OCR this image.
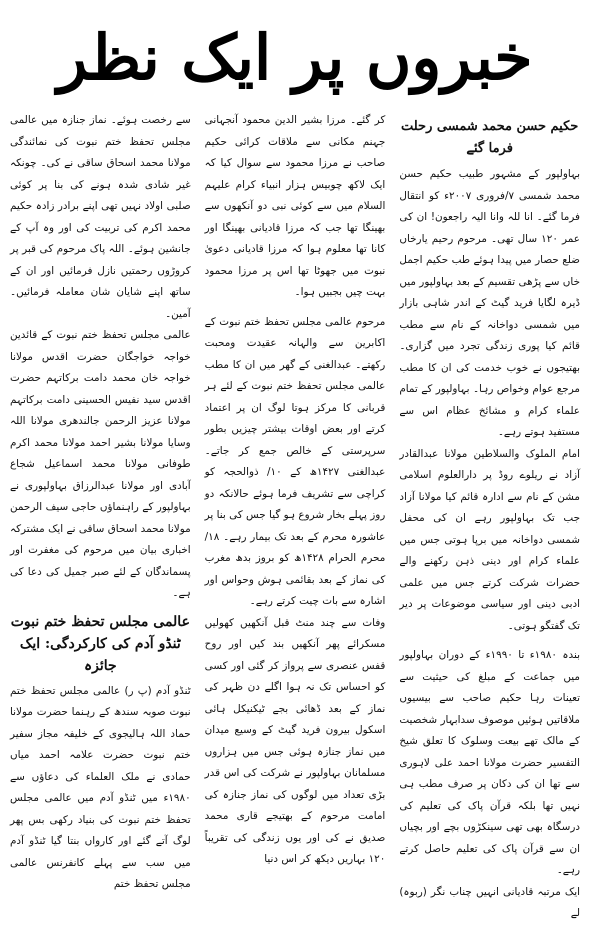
خبروں پر ایک نظر
حکیم حسن محمد شمسی رحلت فرما گئے

بہاولپور کے مشہور طبیب حکیم حسن محمد شمسی ۷/فروری ۲۰۰۷ء کو انتقال فرما گئے۔ انا للہ وانا الیہ راجعون! ان کی عمر ۱۲۰ سال تھی۔ مرحوم رحیم یارخاں ضلع حصار میں پیدا ہوئے طب حکیم اجمل خاں سے پڑھی تقسیم کے بعد بہاولپور میں ڈیرہ لگایا فرید گیٹ کے اندر شاہی بازار میں شمسی دواخانہ کے نام سے مطب قائم کیا پوری زندگی تجرد میں گزاری۔ بھتیجوں نے خوب خدمت کی ان کا مطب مرجع عوام وخواص رہا۔ بہاولپور کے تمام علماء کرام و مشائخ عظام اس سے مستفید ہوتے رہے۔

امام الملوک والسلاطین مولانا عبدالقادر آزاد نے ریلوے روڈ پر دارالعلوم اسلامی مشن کے نام سے ادارہ قائم کیا مولانا آزاد جب تک بہاولپور رہے ان کی محفل شمسی دواخانہ میں برپا ہوتی جس میں علماء کرام اور دینی ذہن رکھنے والے حضرات شرکت کرتے جس میں علمی ادبی دینی اور سیاسی موضوعات پر دیر تک گفتگو ہوتی۔

بندہ ۱۹۸۰ء تا ۱۹۹۰ء کے دوران بہاولپور میں جماعت کے مبلغ کی حیثیت سے تعینات رہا حکیم صاحب سے بیسیوں ملاقاتیں ہوئیں موصوف سدابہار شخصیت کے مالک تھے بیعت وسلوک کا تعلق شیخ التفسیر حضرت مولانا احمد علی لاہوری سے تھا ان کی دکان پر صرف مطب ہی نہیں تھا بلکہ قرآن پاک کی تعلیم کی درسگاہ بھی تھی سینکڑوں بچے اور بچیاں ان سے قرآن پاک کی تعلیم حاصل کرتے رہے۔

ایک مرتبہ قادیانی انہیں چناب نگر (ربوہ) لے

کر گئے۔ مرزا بشیر الدین محمود آنجہانی جہنم مکانی سے ملاقات کرائی حکیم صاحب نے مرزا محمود سے سوال کیا کہ ایک لاکھ چوبیس ہزار انبیاء کرام علیہم السلام میں سے کوئی نبی دو آنکھوں سے بھینگا تھا جب کہ مرزا قادیانی بھینگا اور کانا تھا معلوم ہوا کہ مرزا قادیانی دعویٰ نبوت میں جھوٹا تھا اس پر مرزا محمود بہت چیں بجبیں ہوا۔

مرحوم عالمی مجلس تحفظ ختم نبوت کے اکابرین سے والہانہ عقیدت ومحبت رکھتے۔ عبدالغنی کے گھر میں ان کا مطب عالمی مجلس تحفظ ختم نبوت کے لئے ہر قربانی کا مرکز ہوتا لوگ ان پر اعتماد کرتے اور بعض اوقات بیشتر چیزیں بطور سرپرستی کے خالص جمع کر جاتے۔ عبدالغنی ۱۴۲۷ھ کے ۱۰/ ذوالحجہ کو کراچی سے تشریف فرما ہوئے حالانکہ دو روز پہلے بخار شروع ہو گیا جس کی بنا پر عاشورہ محرم کے بعد تک بیمار رہے۔ ۱۸/ محرم الحرام ۱۴۲۸ھ کو بروز بدھ مغرب کی نماز کے بعد بقائمی ہوش وحواس اور اشارہ سے بات چیت کرتے رہے۔

وفات سے چند منٹ قبل آنکھیں کھولیں مسکرائے پھر آنکھیں بند کیں اور روح قفس عنصری سے پرواز کر گئی اور کسی کو احساس تک نہ ہوا اگلے دن ظہر کی نماز کے بعد ڈھائی بجے ٹیکنیکل ہائی اسکول بیرون فرید گیٹ کے وسیع میدان میں نماز جنازہ ہوئی جس میں ہزاروں مسلمانان بہاولپور نے شرکت کی اس قدر بڑی تعداد میں لوگوں کی نماز جنازہ کی امامت مرحوم کے بھتیجے قاری محمد صدیق نے کی اور یوں زندگی کی تقریباً ۱۲۰ بہاریں دیکھ کر اس دنیا

سے رخصت ہوئے۔ نماز جنازہ میں عالمی مجلس تحفظ ختم نبوت کی نمائندگی مولانا محمد اسحاق ساقی نے کی۔ چونکہ غیر شادی شدہ ہونے کی بنا پر کوئی صلبی اولاد نہیں تھی اپنے برادر زادہ حکیم محمد اکرم کی تربیت کی اور وہ آپ کے جانشین ہوئے۔ اللہ پاک مرحوم کی قبر پر کروڑوں رحمتیں نازل فرمائیں اور ان کے ساتھ اپنے شایان شان معاملہ فرمائیں۔ آمین۔

عالمی مجلس تحفظ ختم نبوت کے قائدین خواجہ خواجگان حضرت اقدس مولانا خواجہ خان محمد دامت برکاتہم حضرت اقدس سید نفیس الحسینی دامت برکاتہم مولانا عزیز الرحمن جالندھری مولانا اللہ وسایا مولانا بشیر احمد مولانا محمد اکرم طوفانی مولانا محمد اسماعیل شجاع آبادی اور مولانا عبدالرزاق بہاولپوری نے بہاولپور کے راہنماؤں حاجی سیف الرحمن مولانا محمد اسحاق ساقی نے ایک مشترکہ اخباری بیان میں مرحوم کی مغفرت اور پسماندگان کے لئے صبر جمیل کی دعا کی ہے۔

عالمی مجلس تحفظ ختم نبوت ٹنڈو آدم کی کارکردگی: ایک جائزہ

ٹنڈو آدم (پ ر) عالمی مجلس تحفظ ختم نبوت صوبہ سندھ کے رہنما حضرت مولانا حماد اللہ ہالیجوی کے خلیفہ مجاز سفیر ختم نبوت حضرت علامہ احمد میاں حمادی نے ملک العلماء کی دعاؤں سے ۱۹۸۰ء میں ٹنڈو آدم میں عالمی مجلس تحفظ ختم نبوت کی بنیاد رکھی بس پھر لوگ آتے گئے اور کارواں بنتا گیا ٹنڈو آدم میں سب سے پہلے کانفرنس عالمی مجلس تحفظ ختم
